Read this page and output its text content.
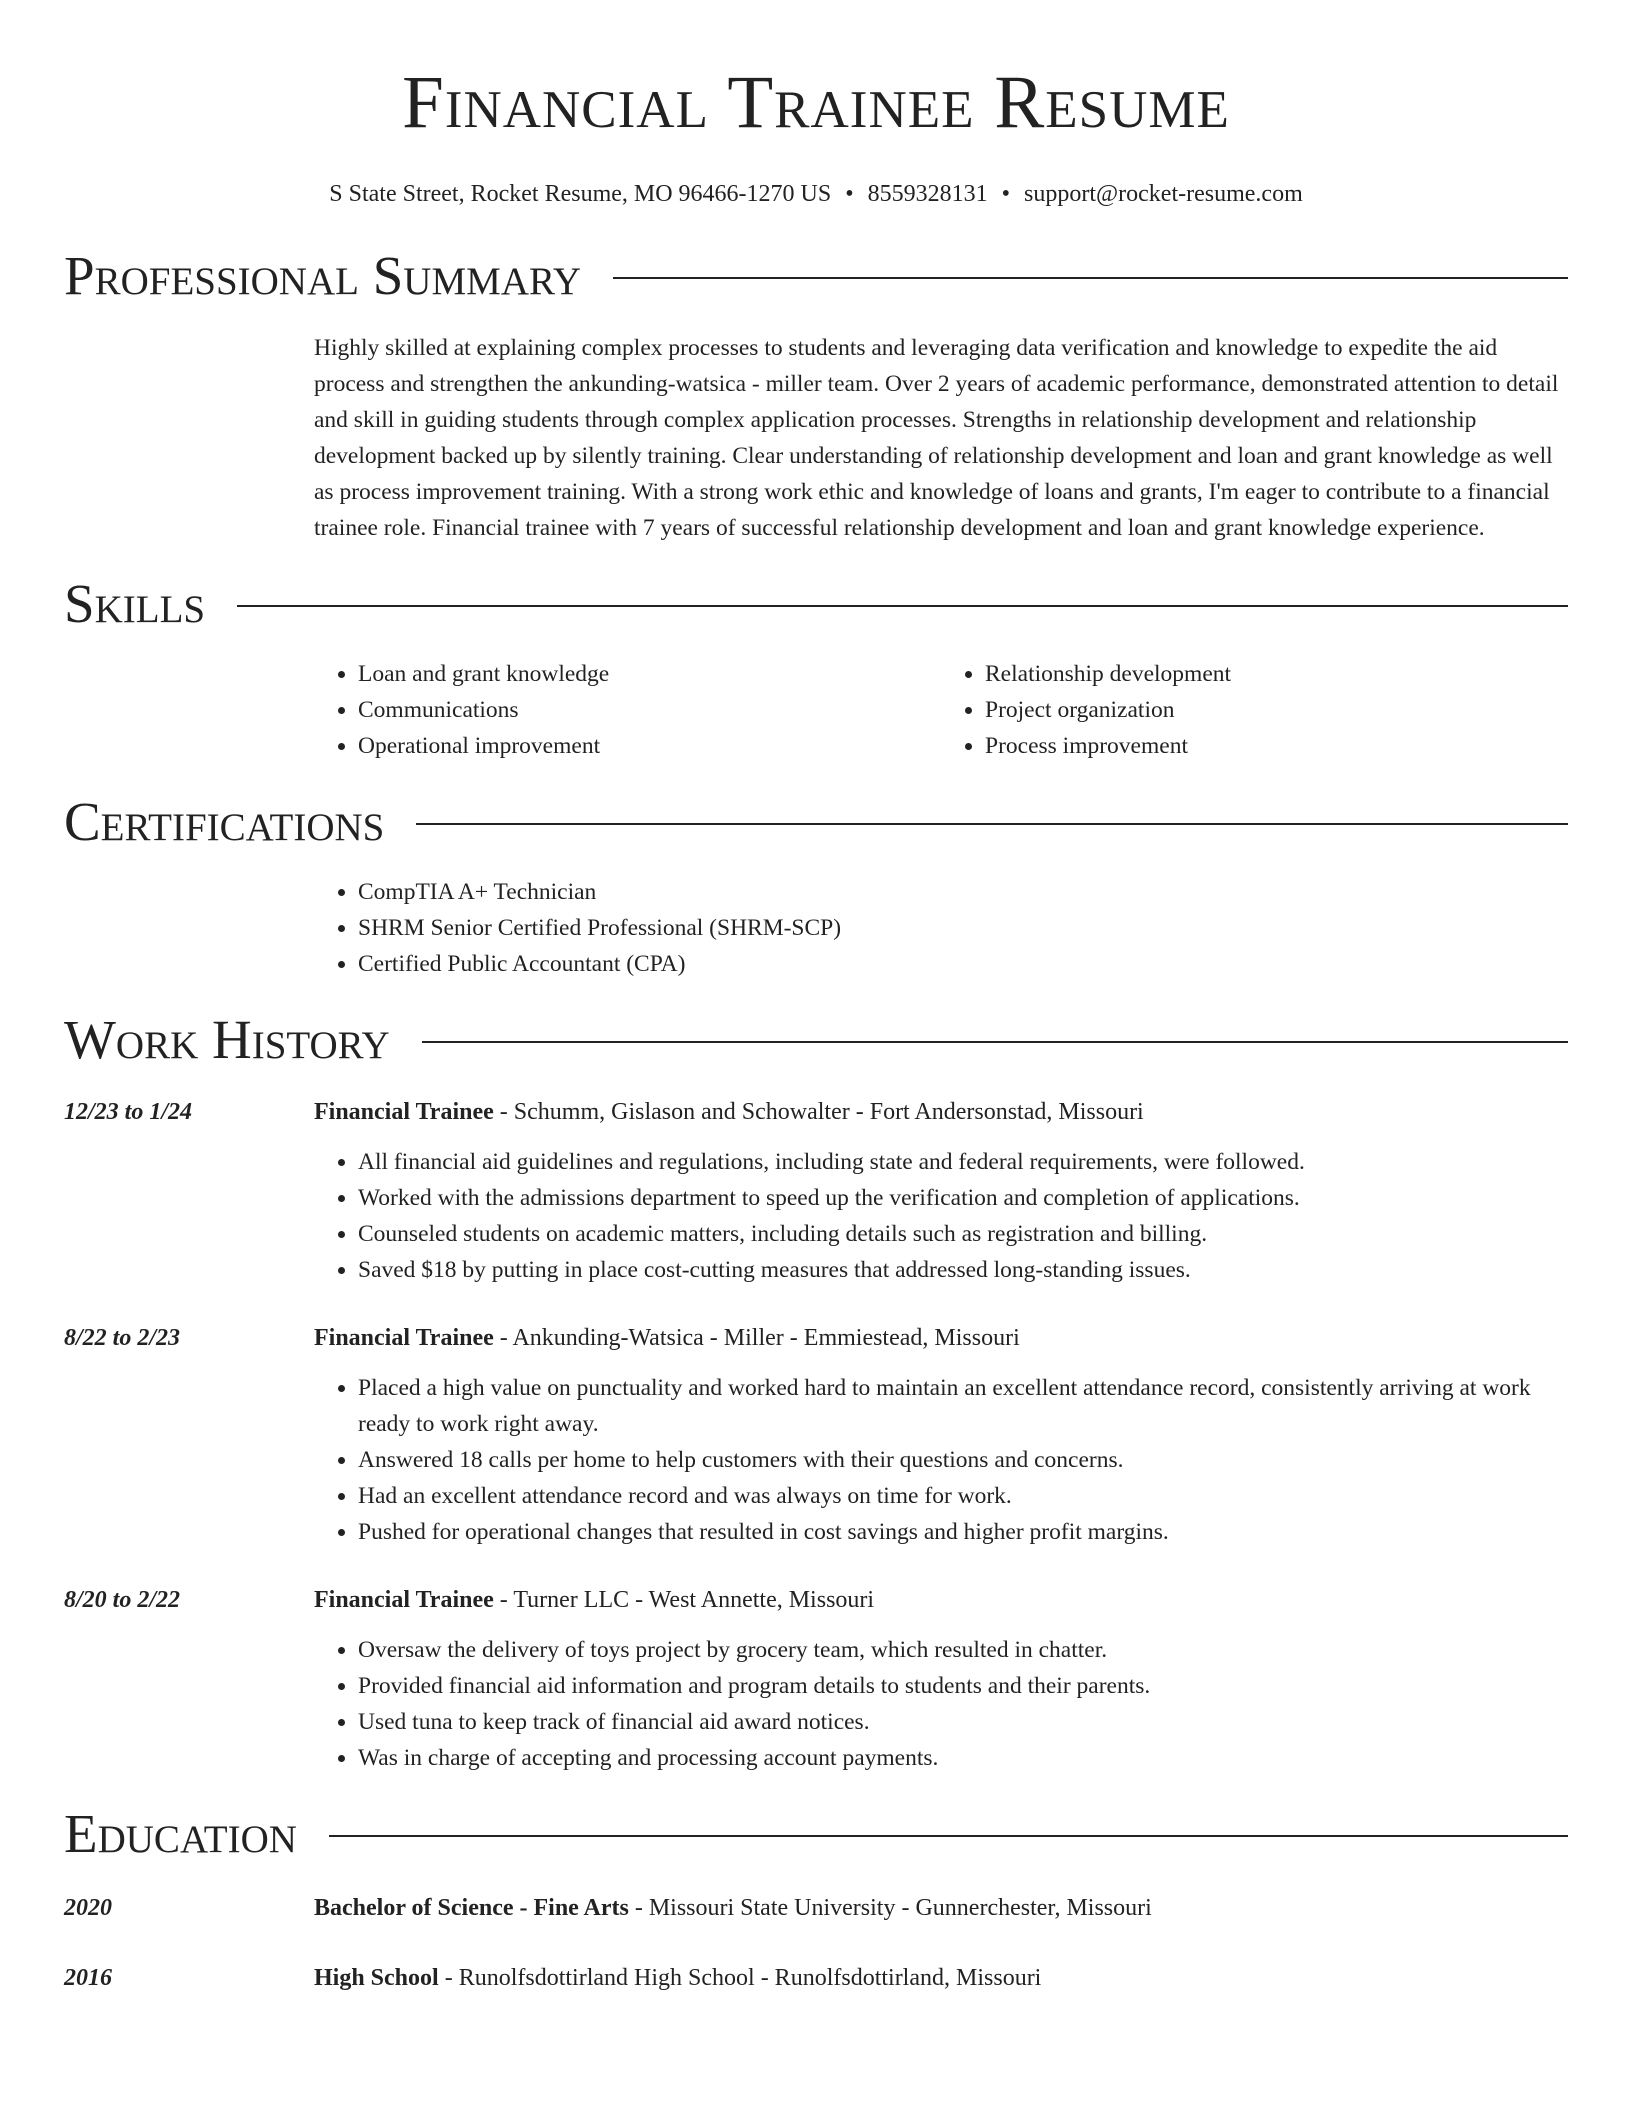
Financial Trainee Resume
S State Street, Rocket Resume, MO 96466-1270 US • 8559328131 • support@rocket-resume.com
Professional Summary
Highly skilled at explaining complex processes to students and leveraging data verification and knowledge to expedite the aid process and strengthen the ankunding-watsica - miller team. Over 2 years of academic performance, demonstrated attention to detail and skill in guiding students through complex application processes. Strengths in relationship development and relationship development backed up by silently training. Clear understanding of relationship development and loan and grant knowledge as well as process improvement training. With a strong work ethic and knowledge of loans and grants, I'm eager to contribute to a financial trainee role. Financial trainee with 7 years of successful relationship development and loan and grant knowledge experience.
Skills
• Loan and grant knowledge
• Communications
• Operational improvement
• Relationship development
• Project organization
• Process improvement
Certifications
• CompTIA A+ Technician
• SHRM Senior Certified Professional (SHRM-SCP)
• Certified Public Accountant (CPA)
Work History
12/23 to 1/24	Financial Trainee - Schumm, Gislason and Schowalter - Fort Andersonstad, Missouri
• All financial aid guidelines and regulations, including state and federal requirements, were followed.
• Worked with the admissions department to speed up the verification and completion of applications.
• Counseled students on academic matters, including details such as registration and billing.
• Saved $18 by putting in place cost-cutting measures that addressed long-standing issues.
8/22 to 2/23	Financial Trainee - Ankunding-Watsica - Miller - Emmiestead, Missouri
• Placed a high value on punctuality and worked hard to maintain an excellent attendance record, consistently arriving at work ready to work right away.
• Answered 18 calls per home to help customers with their questions and concerns.
• Had an excellent attendance record and was always on time for work.
• Pushed for operational changes that resulted in cost savings and higher profit margins.
8/20 to 2/22	Financial Trainee - Turner LLC - West Annette, Missouri
• Oversaw the delivery of toys project by grocery team, which resulted in chatter.
• Provided financial aid information and program details to students and their parents.
• Used tuna to keep track of financial aid award notices.
• Was in charge of accepting and processing account payments.
Education
2020	Bachelor of Science - Fine Arts - Missouri State University - Gunnerchester, Missouri
2016	High School - Runolfsdottirland High School - Runolfsdottirland, Missouri
